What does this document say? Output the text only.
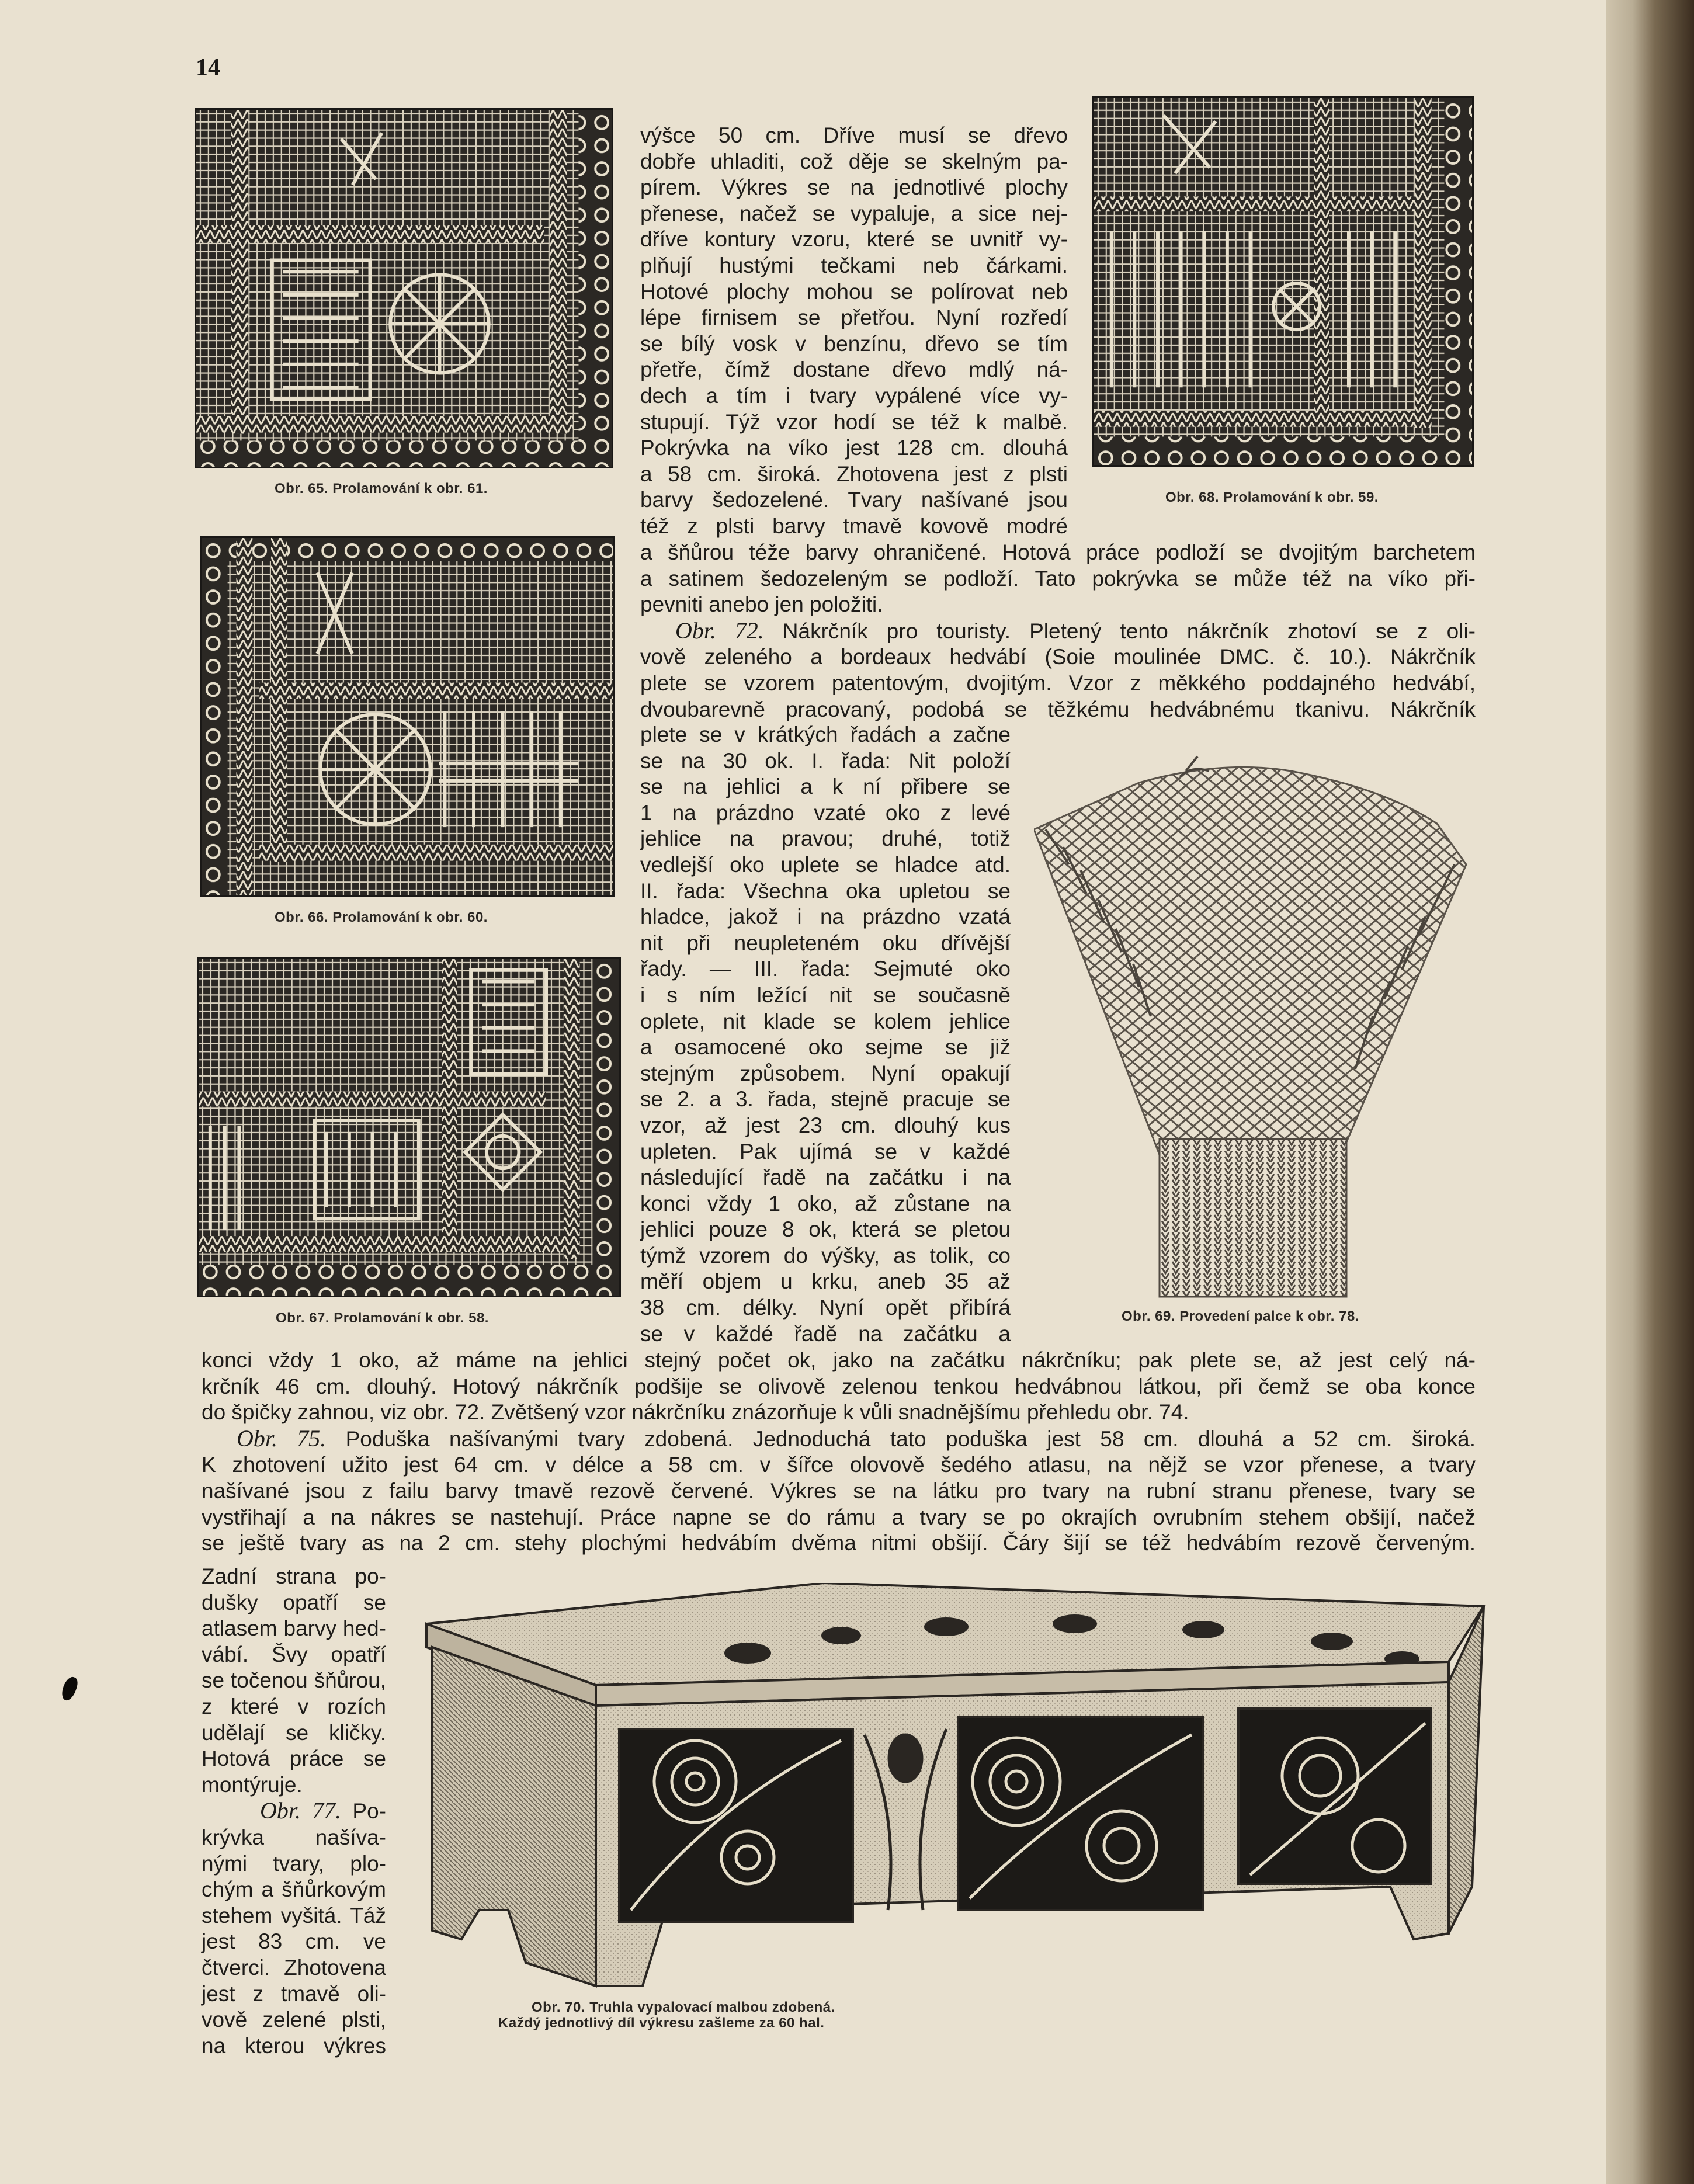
14
Obr. 65. Prolamování k obr. 61.
Obr. 66. Prolamování k obr. 60.
Obr. 67. Prolamování k obr. 58.
Obr. 68. Prolamování k obr. 59.
Obr. 69. Provedení palce k obr. 78.
Obr. 70. Truhla vypalovací malbou zdobená.
Každý jednotlivý díl výkresu zašleme za 60 hal.
výšce 50 cm. Dříve musí se dřevo
dobře uhladiti, což děje se skelným pa-
pírem. Výkres se na jednotlivé plochy
přenese, načež se vypaluje, a sice nej-
dříve kontury vzoru, které se uvnitř vy-
plňují hustými tečkami neb čárkami.
Hotové plochy mohou se polírovat neb
lépe firnisem se přetřou. Nyní rozředí
se bílý vosk v benzínu, dřevo se tím
přetře, čímž dostane dřevo mdlý ná-
dech a tím i tvary vypálené více vy-
stupují. Týž vzor hodí se též k malbě.
Pokrývka na víko jest 128 cm. dlouhá
a 58 cm. široká. Zhotovena jest z plsti
barvy šedozelené. Tvary našívané jsou
též z plsti barvy tmavě kovově modré
a šňůrou téže barvy ohraničené. Hotová práce podloží se dvojitým barchetem
a satinem šedozeleným se podloží. Tato pokrývka se může též na víko při-
pevniti anebo jen položiti.
Obr. 72. Nákrčník pro touristy. Pletený tento nákrčník zhotoví se z oli-
vově zeleného a bordeaux hedvábí (Soie moulinée DMC. č. 10.). Nákrčník
plete se vzorem patentovým, dvojitým. Vzor z měkkého poddajného hedvábí,
dvoubarevně pracovaný, podobá se těžkému hedvábnému tkanivu. Nákrčník
plete se v krátkých řadách a začne
se na 30 ok. I. řada: Nit položí
se na jehlici a k ní přibere se
1 na prázdno vzaté oko z levé
jehlice na pravou; druhé, totiž
vedlejší oko uplete se hladce atd.
II. řada: Všechna oka upletou se
hladce, jakož i na prázdno vzatá
nit při neupleteném oku dřívější
řady. — III. řada: Sejmuté oko
i s ním ležící nit se současně
oplete, nit klade se kolem jehlice
a osamocené oko sejme se již
stejným způsobem. Nyní opakují
se 2. a 3. řada, stejně pracuje se
vzor, až jest 23 cm. dlouhý kus
upleten. Pak ujímá se v každé
následující řadě na začátku i na
konci vždy 1 oko, až zůstane na
jehlici pouze 8 ok, která se pletou
týmž vzorem do výšky, as tolik, co
měří objem u krku, aneb 35 až
38 cm. délky. Nyní opět přibírá
se v každé řadě na začátku a
konci vždy 1 oko, až máme na jehlici stejný počet ok, jako na začátku nákrčníku; pak plete se, až jest celý ná-
krčník 46 cm. dlouhý. Hotový nákrčník podšije se olivově zelenou tenkou hedvábnou látkou, při čemž se oba konce
do špičky zahnou, viz obr. 72. Zvětšený vzor nákrčníku znázorňuje k vůli snadnějšímu přehledu obr. 74.
Obr. 75. Poduška našívanými tvary zdobená. Jednoduchá tato poduška jest 58 cm. dlouhá a 52 cm. široká.
K zhotovení užito jest 64 cm. v délce a 58 cm. v šířce olovově šedého atlasu, na nějž se vzor přenese, a tvary
našívané jsou z failu barvy tmavě rezově červené. Výkres se na látku pro tvary na rubní stranu přenese, tvary se
vystřihají a na nákres se nastehují. Práce napne se do rámu a tvary se po okrajích ovrubním stehem obšijí, načež
se ještě tvary as na 2 cm. stehy plochými hedvábím dvěma nitmi obšijí. Čáry šijí se též hedvábím rezově červeným.
Zadní strana po-
dušky opatří se
atlasem barvy hed-
vábí. Švy opatří
se točenou šňůrou,
z které v rozích
udělají se kličky.
Hotová práce se
montýruje.
Obr. 77. Po-
krývka našíva-
nými tvary, plo-
chým a šňůrkovým
stehem vyšitá. Táž
jest 83 cm. ve
čtverci. Zhotovena
jest z tmavě oli-
vově zelené plsti,
na kterou výkres
